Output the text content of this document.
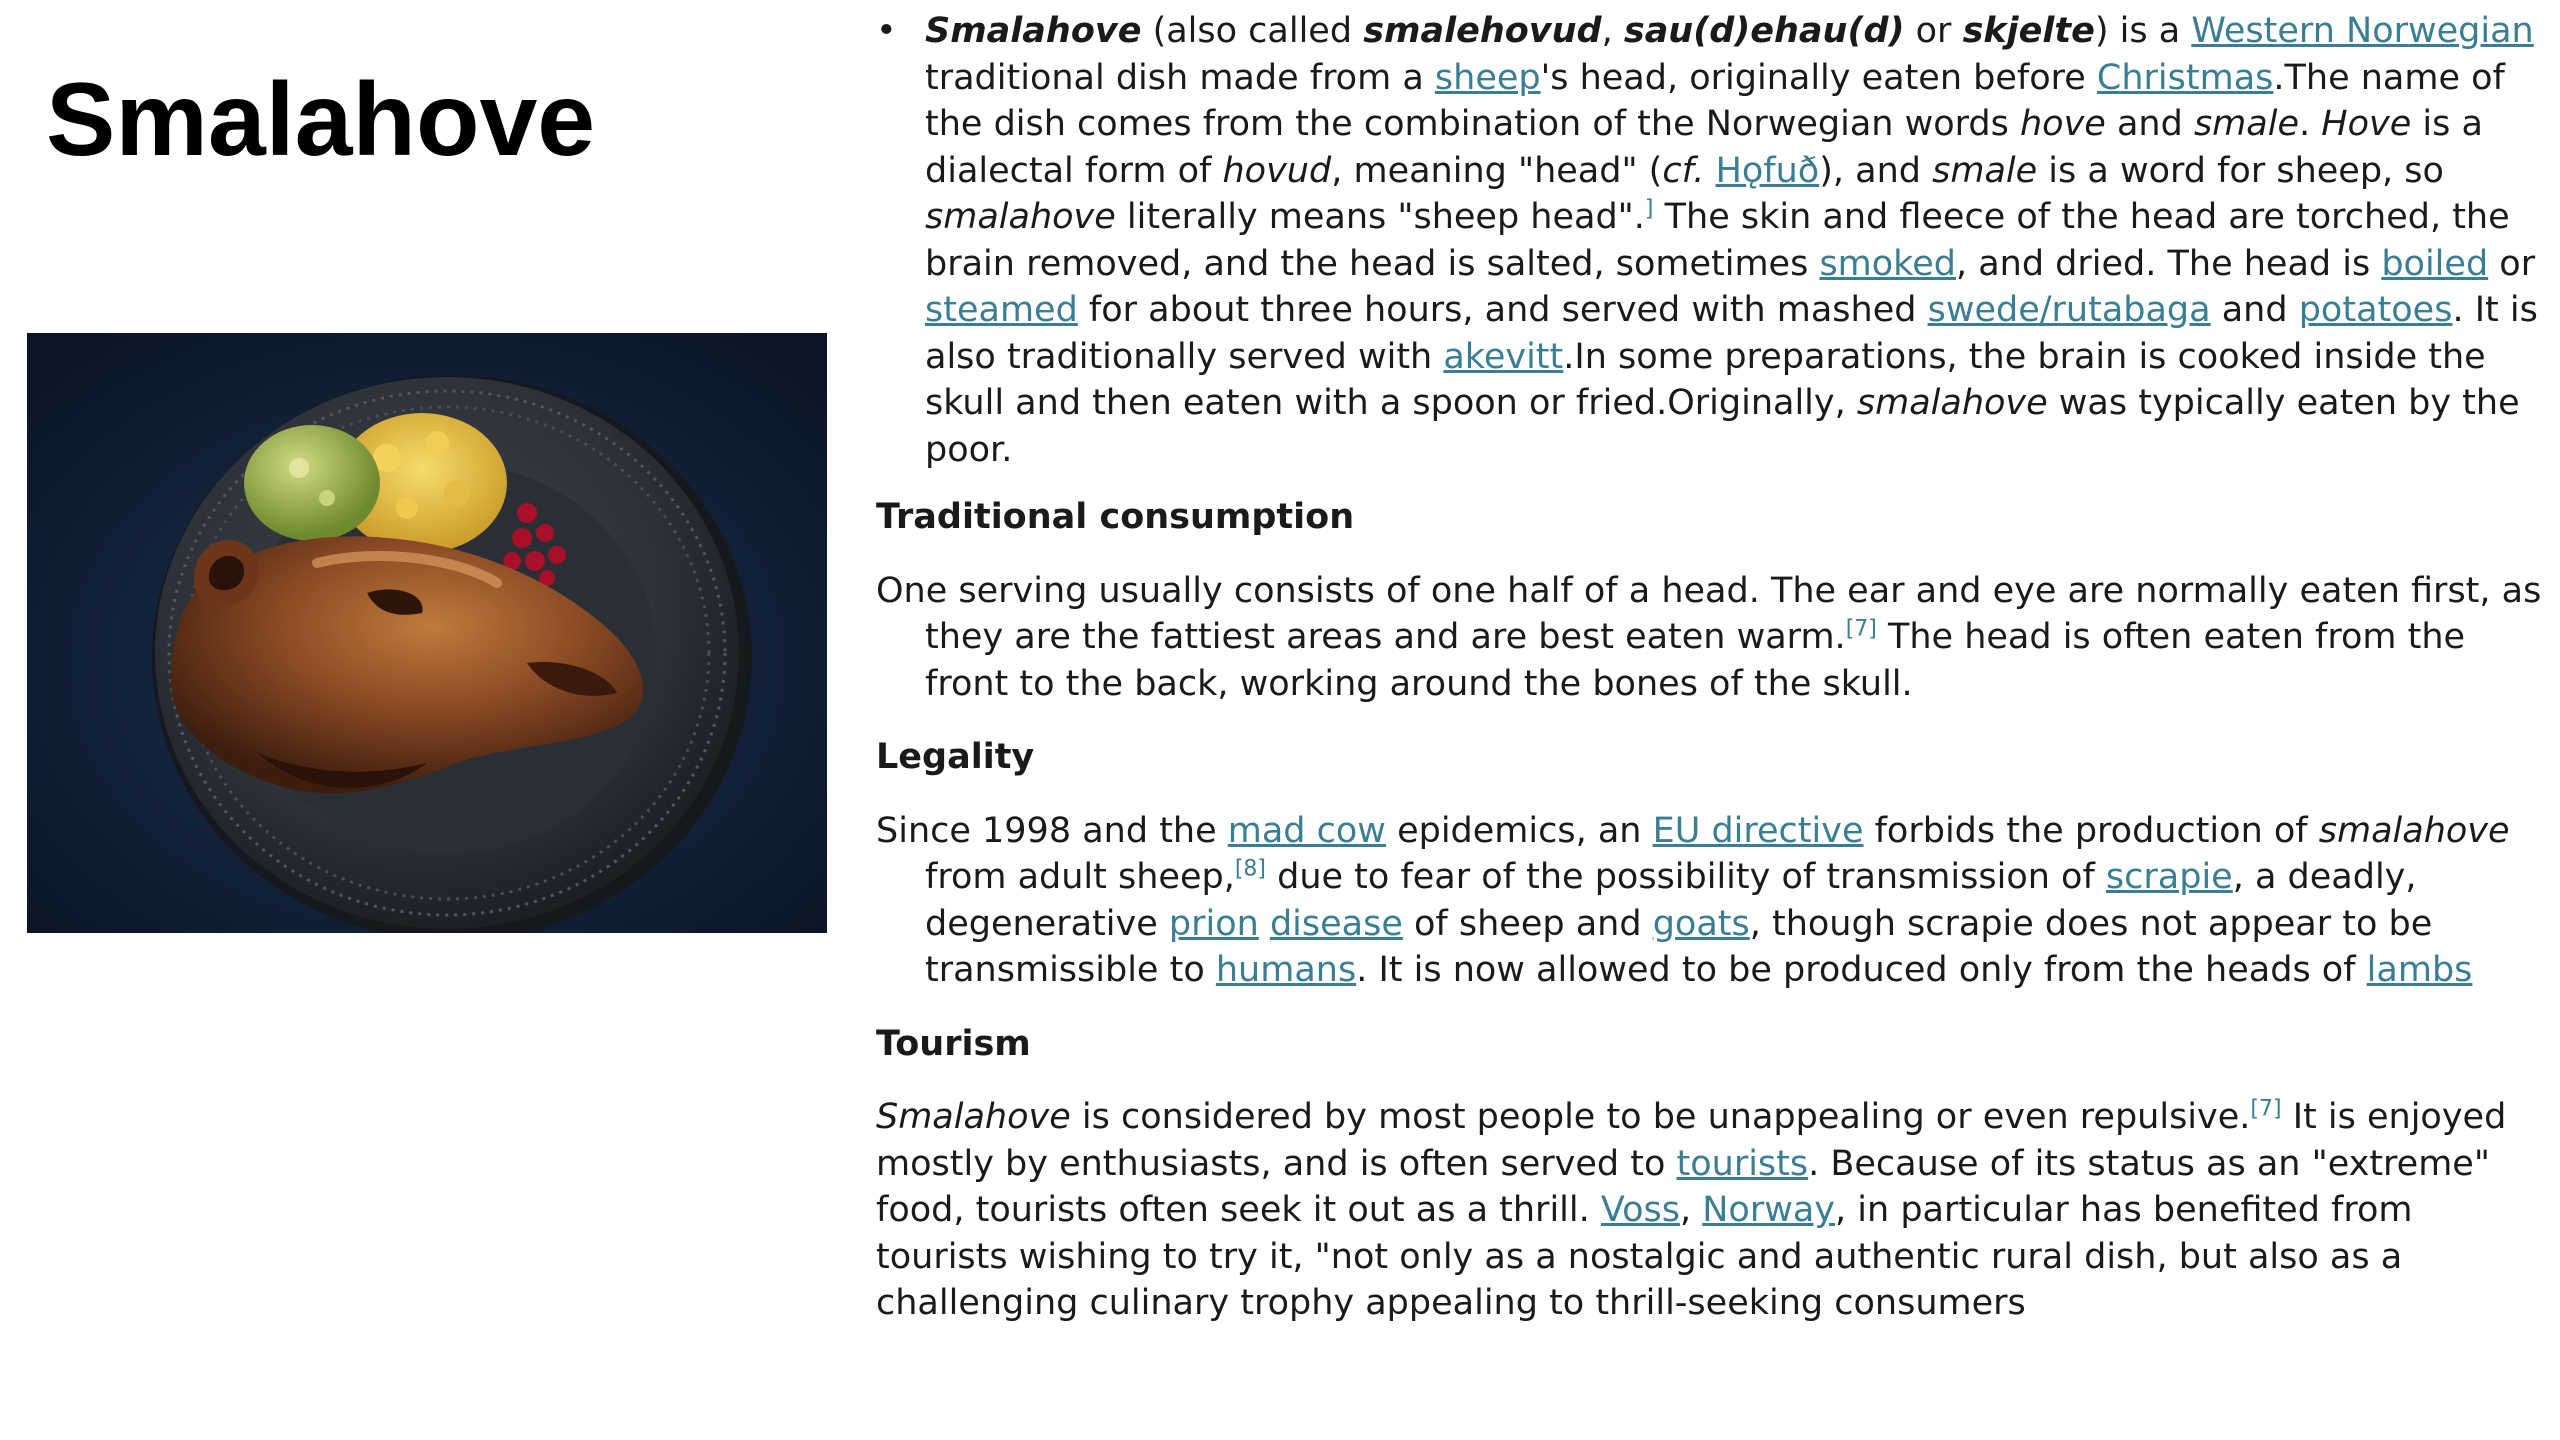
Smalahove
• Smalahove (also called smalehovud, sau(d)ehau(d) or skjelte) is a Western Norwegian traditional dish made from a sheep's head, originally eaten before Christmas.The name of the dish comes from the combination of the Norwegian words hove and smale. Hove is a dialectal form of hovud, meaning "head" (cf. Hǫfuð), and smale is a word for sheep, so smalahove literally means "sheep head".] The skin and fleece of the head are torched, the brain removed, and the head is salted, sometimes smoked, and dried. The head is boiled or steamed for about three hours, and served with mashed swede/rutabaga and potatoes. It is also traditionally served with akevitt.In some preparations, the brain is cooked inside the skull and then eaten with a spoon or fried.Originally, smalahove was typically eaten by the poor.
Traditional consumption

One serving usually consists of one half of a head. The ear and eye are normally eaten first, as they are the fattiest areas and are best eaten warm.[7] The head is often eaten from the front to the back, working around the bones of the skull.

Legality

Since 1998 and the mad cow epidemics, an EU directive forbids the production of smalahove from adult sheep,[8] due to fear of the possibility of transmission of scrapie, a deadly, degenerative prion disease of sheep and goats, though scrapie does not appear to be transmissible to humans. It is now allowed to be produced only from the heads of lambs

Tourism

Smalahove is considered by most people to be unappealing or even repulsive.[7] It is enjoyed mostly by enthusiasts, and is often served to tourists. Because of its status as an "extreme" food, tourists often seek it out as a thrill. Voss, Norway, in particular has benefited from tourists wishing to try it, "not only as a nostalgic and authentic rural dish, but also as a challenging culinary trophy appealing to thrill-seeking consumers
